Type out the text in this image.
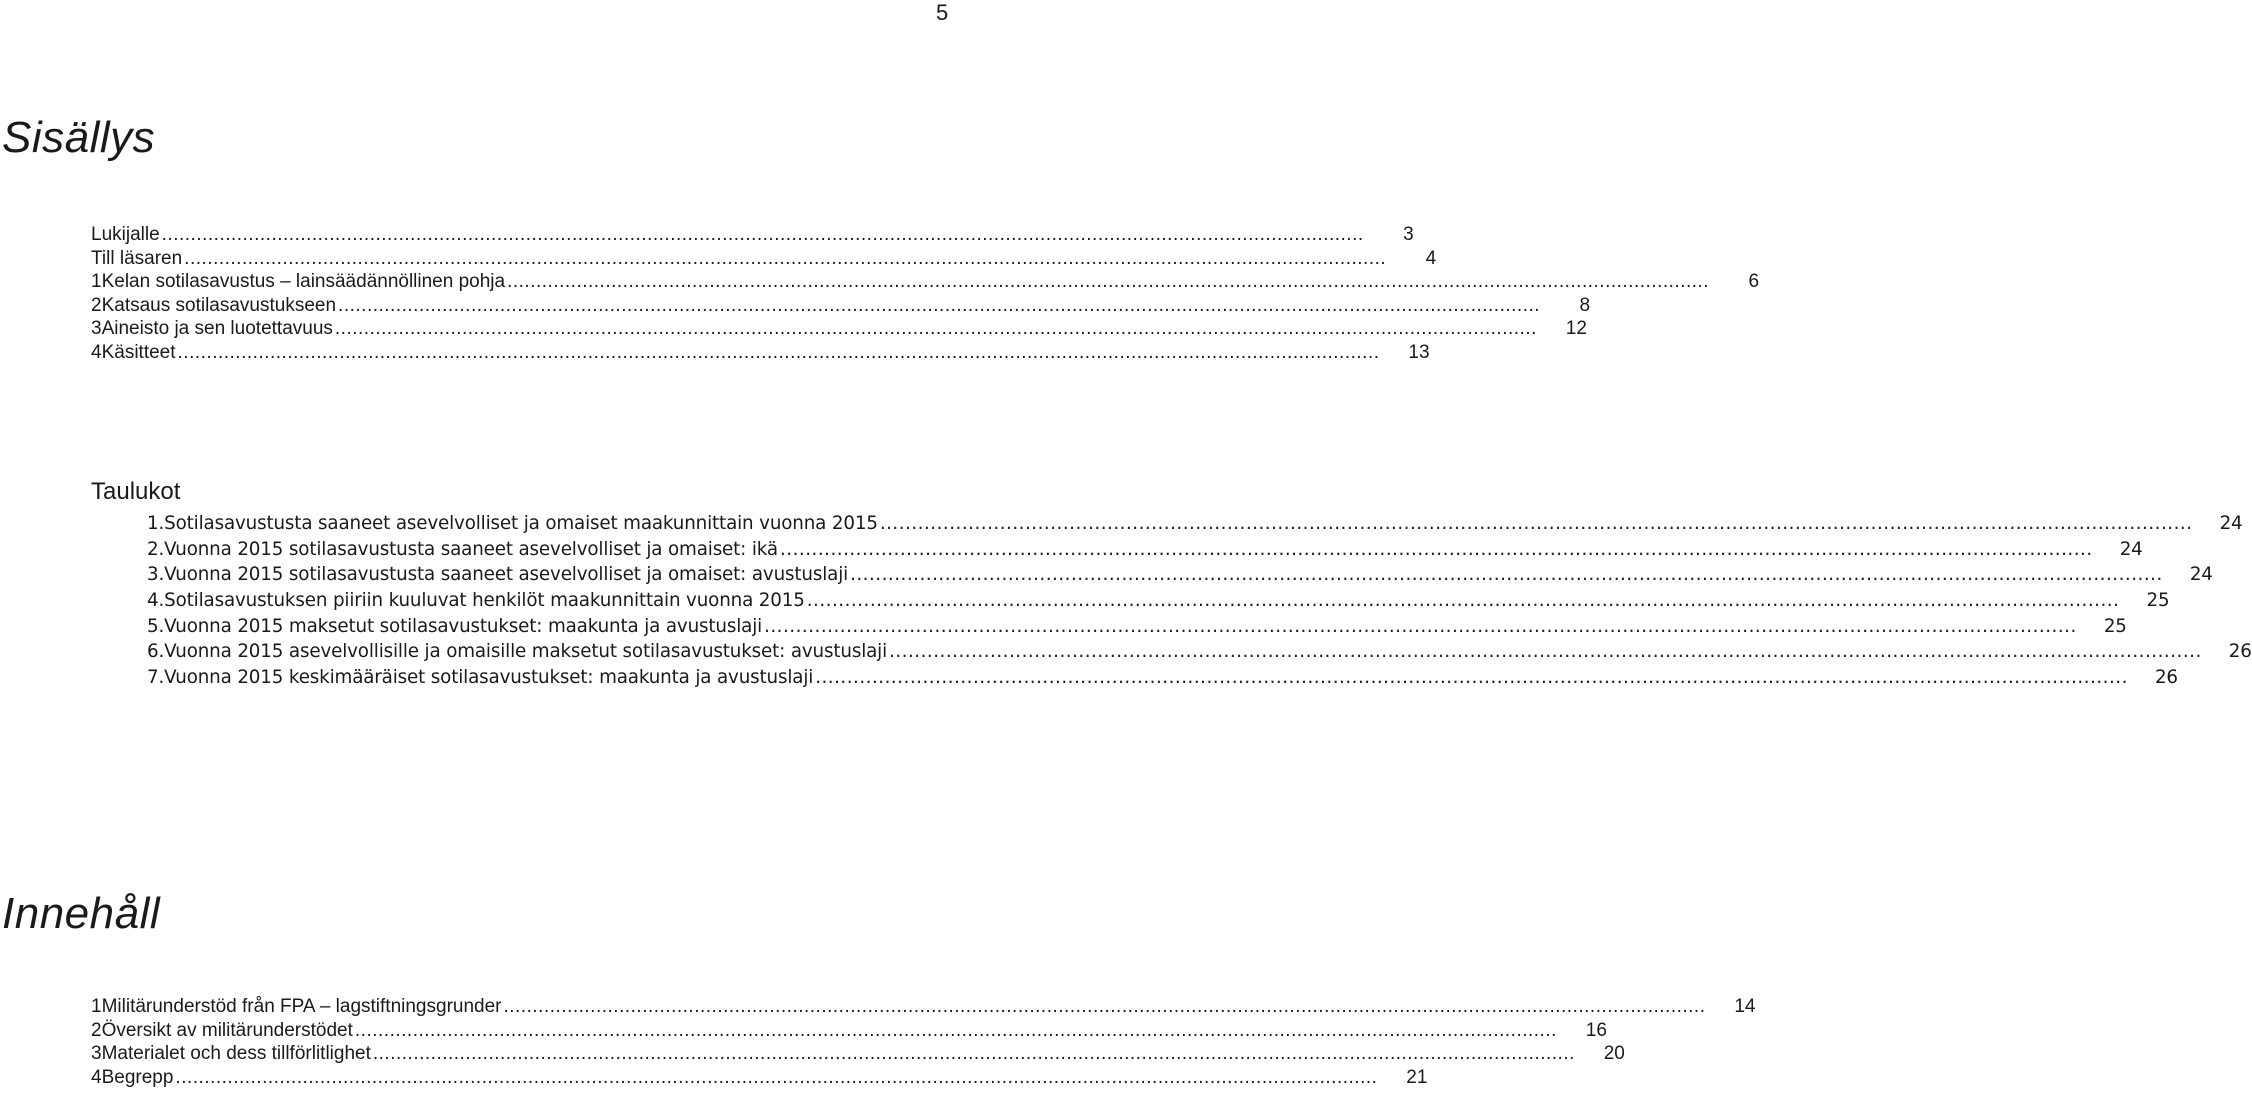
5
Sisällys
Lukijalle .....	3
Till läsaren .....	4
1 Kelan sotilasavustus – lainsäädännöllinen pohja .....	6
2 Katsaus sotilasavustukseen .....	8
3 Aineisto ja sen luotettavuus .....	12
4 Käsitteet .....	13
Taulukot
1. Sotilasavustusta saaneet asevelvolliset ja omaiset maakunnittain vuonna 2015 .....	24
2. Vuonna 2015 sotilasavustusta saaneet asevelvolliset ja omaiset: ikä .....	24
3. Vuonna 2015 sotilasavustusta saaneet asevelvolliset ja omaiset: avustuslaji .....	24
4. Sotilasavustuksen piiriin kuuluvat henkilöt maakunnittain vuonna 2015 .....	25
5. Vuonna 2015 maksetut sotilasavustukset: maakunta ja avustuslaji .....	25
6. Vuonna 2015 asevelvollisille ja omaisille maksetut sotilasavustukset: avustuslaji .....	26
7. Vuonna 2015 keskimääräiset sotilasavustukset: maakunta ja avustuslaji .....	26
Innehåll
1 Militärunderstöd från FPA – lagstiftningsgrunder .....	14
2 Översikt av militärunderstödet .....	16
3 Materialet och dess tillförlitlighet .....	20
4 Begrepp .....	21
